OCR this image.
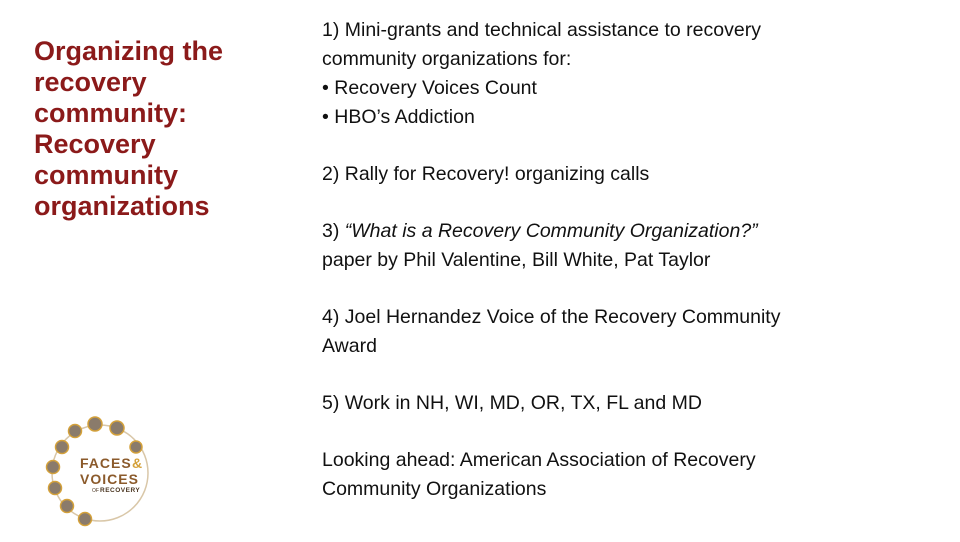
Organizing the
recovery
community:
Recovery
community
organizations
1) Mini-grants and technical assistance to recovery
community organizations for:
• Recovery Voices Count
• HBO’s Addiction
2) Rally for Recovery! organizing calls
3) “What is a Recovery Community Organization?”
paper by Phil Valentine, Bill White, Pat Taylor
4) Joel Hernandez Voice of the Recovery Community
Award
5) Work in NH, WI, MD, OR, TX, FL and MD
Looking ahead: American Association of Recovery
Community Organizations
FACES &
VOICES
OF RECOVERY
